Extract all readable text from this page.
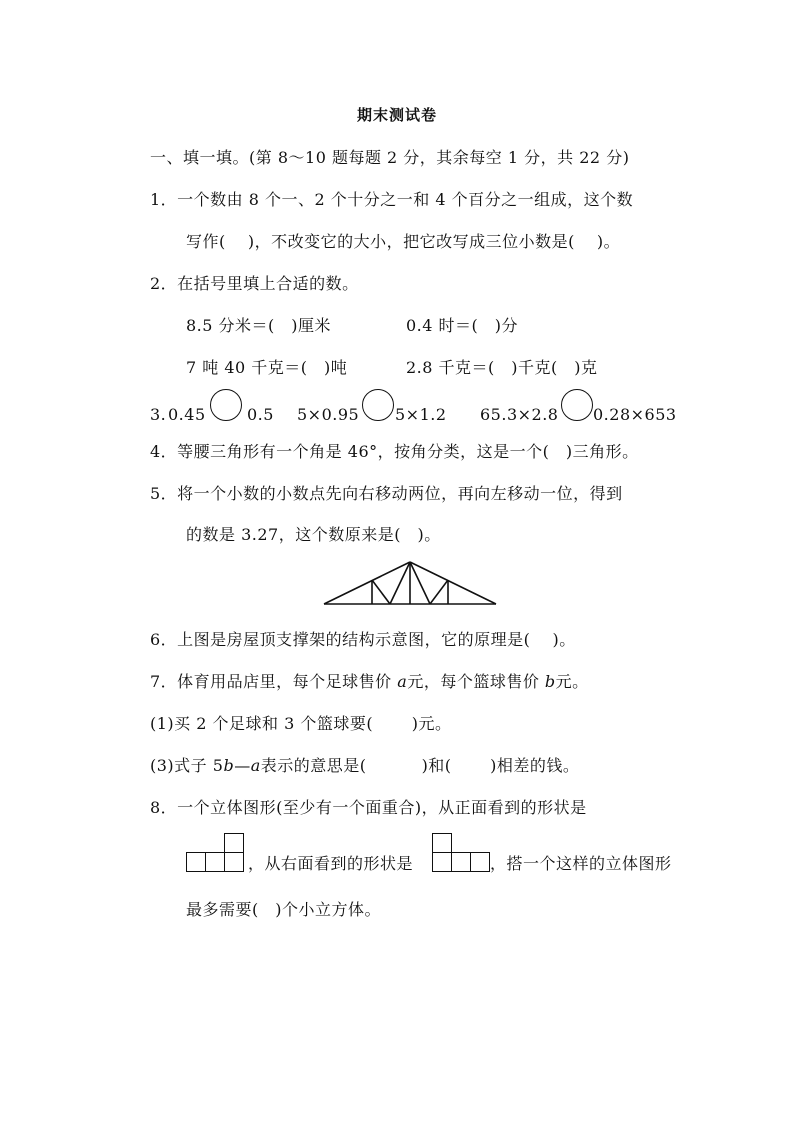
期末测试卷
一、填一填。(第 8～10 题每题 2 分，其余每空 1 分，共 22 分)
1．一个数由 8 个一、2 个十分之一和 4 个百分之一组成，这个数
写作(　 )，不改变它的大小，把它改写成三位小数是(　 )。
2．在括号里填上合适的数。
8.5 分米＝(　)厘米	0.4 时＝(　)分
7 吨 40 千克＝(　)吨	2.8 千克＝(　)千克(　)克
3. 0.45	0.5 5×0.95 5×1.2 65.3×2.8 0.28×653
4．等腰三角形有一个角是 46°，按角分类，这是一个(　)三角形。
5．将一个小数的小数点先向右移动两位，再向左移动一位，得到
的数是 3.27，这个数原来是(　)。
6．上图是房屋顶支撑架的结构示意图，它的原理是(　 )。
7．体育用品店里，每个足球售价 a元，每个篮球售价 b元。
(1)买 2 个足球和 3 个篮球要(　　 )元。
(3)式子 5b—a表示的意思是(　　　 )和(　　 )相差的钱。
8．一个立体图形(至少有一个面重合)，从正面看到的形状是
，从右面看到的形状是	，搭一个这样的立体图形
最多需要(　)个小立方体。
